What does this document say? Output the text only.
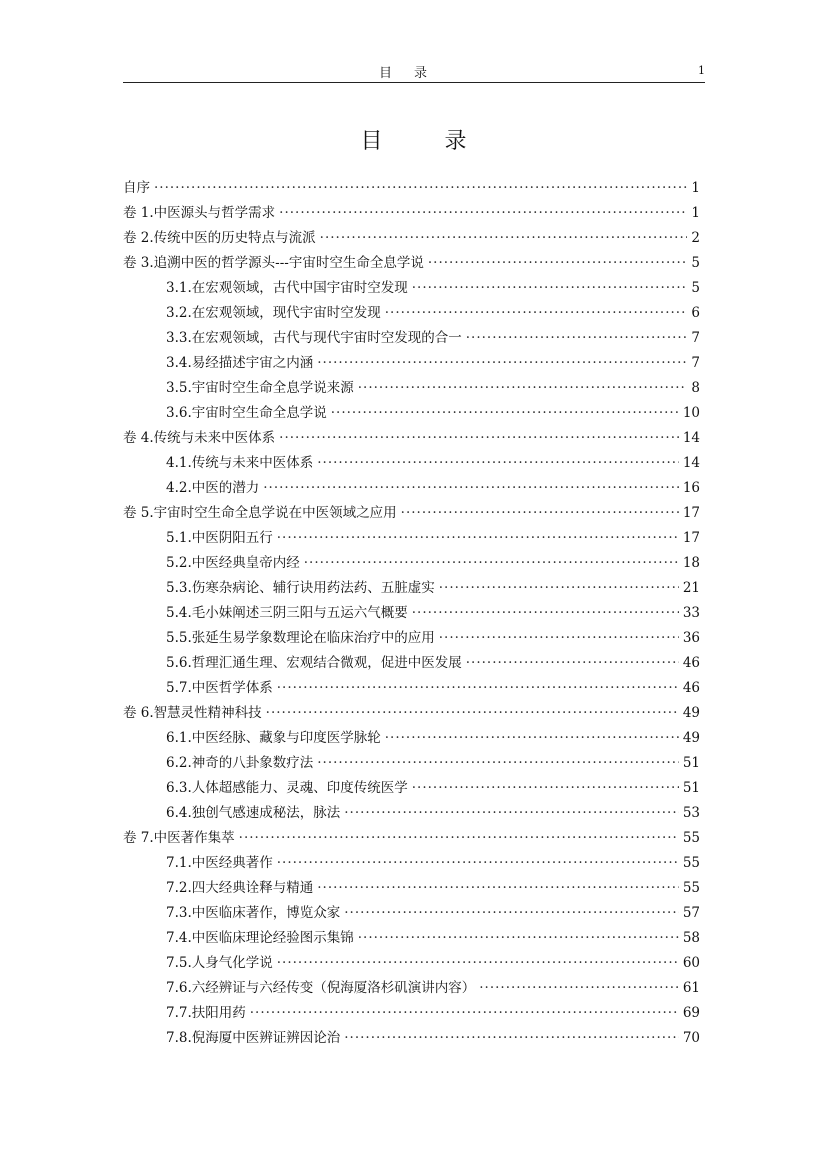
目录	1
目录
自序 ·····	1
卷 1.中医源头与哲学需求 ·····	1
卷 2.传统中医的历史特点与流派 ·····	2
卷 3.追溯中医的哲学源头---宇宙时空生命全息学说 ·····	5
3.1. 在宏观领域，古代中国宇宙时空发现 ·····	5
3.2. 在宏观领域，现代宇宙时空发现 ·····	6
3.3. 在宏观领域，古代与现代宇宙时空发现的合一 ·····	7
3.4. 易经描述宇宙之内涵 ·····	7
3.5. 宇宙时空生命全息学说来源 ·····	8
3.6. 宇宙时空生命全息学说 ·····	10
卷 4.传统与未来中医体系 ·····	14
4.1. 传统与未来中医体系 ·····	14
4.2. 中医的潜力 ·····	16
卷 5.宇宙时空生命全息学说在中医领域之应用 ·····	17
5.1. 中医阴阳五行 ·····	17
5.2. 中医经典皇帝内经 ·····	18
5.3. 伤寒杂病论、辅行诀用药法药、五脏虚实 ·····	21
5.4. 毛小妹阐述三阴三阳与五运六气概要 ·····	33
5.5. 张延生易学象数理论在临床治疗中的应用 ·····	36
5.6. 哲理汇通生理、宏观结合微观，促进中医发展 ·····	46
5.7. 中医哲学体系 ·····	46
卷 6.智慧灵性精神科技 ·····	49
6.1. 中医经脉、藏象与印度医学脉轮 ·····	49
6.2. 神奇的八卦象数疗法 ·····	51
6.3. 人体超感能力、灵魂、印度传统医学 ·····	51
6.4. 独创气感速成秘法，脉法 ·····	53
卷 7.中医著作集萃 ·····	55
7.1. 中医经典著作 ·····	55
7.2. 四大经典诠释与精通 ·····	55
7.3. 中医临床著作，博览众家 ·····	57
7.4. 中医临床理论经验图示集锦 ·····	58
7.5. 人身气化学说 ·····	60
7.6. 六经辨证与六经传变（倪海厦洛杉矶演讲内容） ·····	61
7.7. 扶阳用药 ·····	69
7.8. 倪海厦中医辨证辨因论治 ·····	70
